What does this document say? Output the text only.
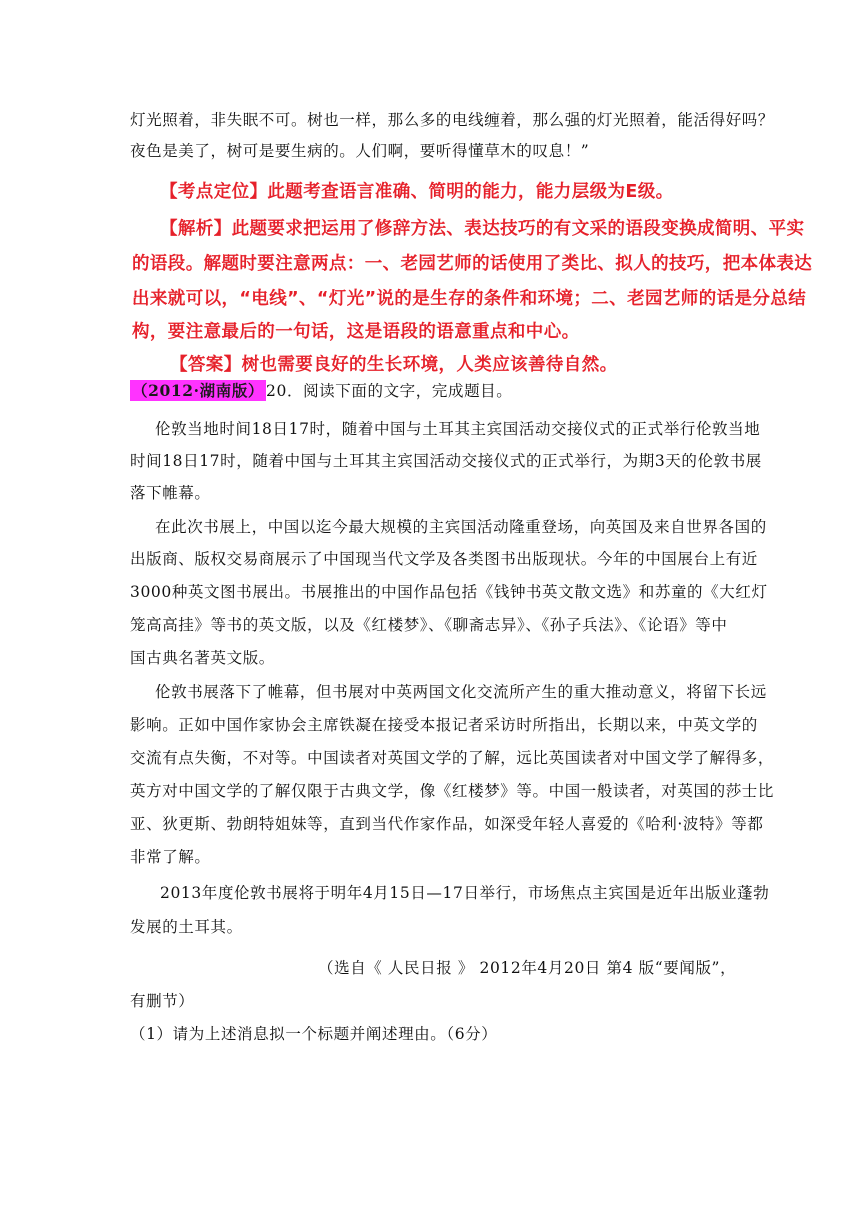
灯光照着，非失眠不可。树也一样，那么多的电线缠着，那么强的灯光照着，能活得好吗？
夜色是美了，树可是要生病的。人们啊，要听得懂草木的叹息！”
【考点定位】此题考查语言准确、简明的能力，能力层级为E级。
【解析】此题要求把运用了修辞方法、表达技巧的有文采的语段变换成简明、平实
的语段。解题时要注意两点：一、老园艺师的话使用了类比、拟人的技巧，把本体表达
出来就可以，“电线”、“灯光”说的是生存的条件和环境；二、老园艺师的话是分总结
构，要注意最后的一句话，这是语段的语意重点和中心。
【答案】树也需要良好的生长环境，人类应该善待自然。
（2012·湖南版） 20．阅读下面的文字，完成题目。
伦敦当地时间18日17时，随着中国与土耳其主宾国活动交接仪式的正式举行伦敦当地
时间18日17时，随着中国与土耳其主宾国活动交接仪式的正式举行，为期3天的伦敦书展
落下帷幕。
在此次书展上，中国以迄今最大规模的主宾国活动隆重登场，向英国及来自世界各国的
出版商、版权交易商展示了中国现当代文学及各类图书出版现状。今年的中国展台上有近
3000种英文图书展出。书展推出的中国作品包括《钱钟书英文散文选》和苏童的《大红灯
笼高高挂》等书的英文版，以及《红楼梦》、《聊斋志异》、《孙子兵法》、《论语》等中
国古典名著英文版。
伦敦书展落下了帷幕，但书展对中英两国文化交流所产生的重大推动意义，将留下长远
影响。正如中国作家协会主席铁凝在接受本报记者采访时所指出，长期以来，中英文学的
交流有点失衡，不对等。中国读者对英国文学的了解，远比英国读者对中国文学了解得多，
英方对中国文学的了解仅限于古典文学，像《红楼梦》等。中国一般读者，对英国的莎士比
亚、狄更斯、勃朗特姐妹等，直到当代作家作品，如深受年轻人喜爱的《哈利·波特》等都
非常了解。
2013年度伦敦书展将于明年4月15日—17日举行，市场焦点主宾国是近年出版业蓬勃
发展的土耳其。
（选自《 人民日报 》 2012年4月20日 第4 版“要闻版”，
有删节）
（1）请为上述消息拟一个标题并阐述理由。（6分）
